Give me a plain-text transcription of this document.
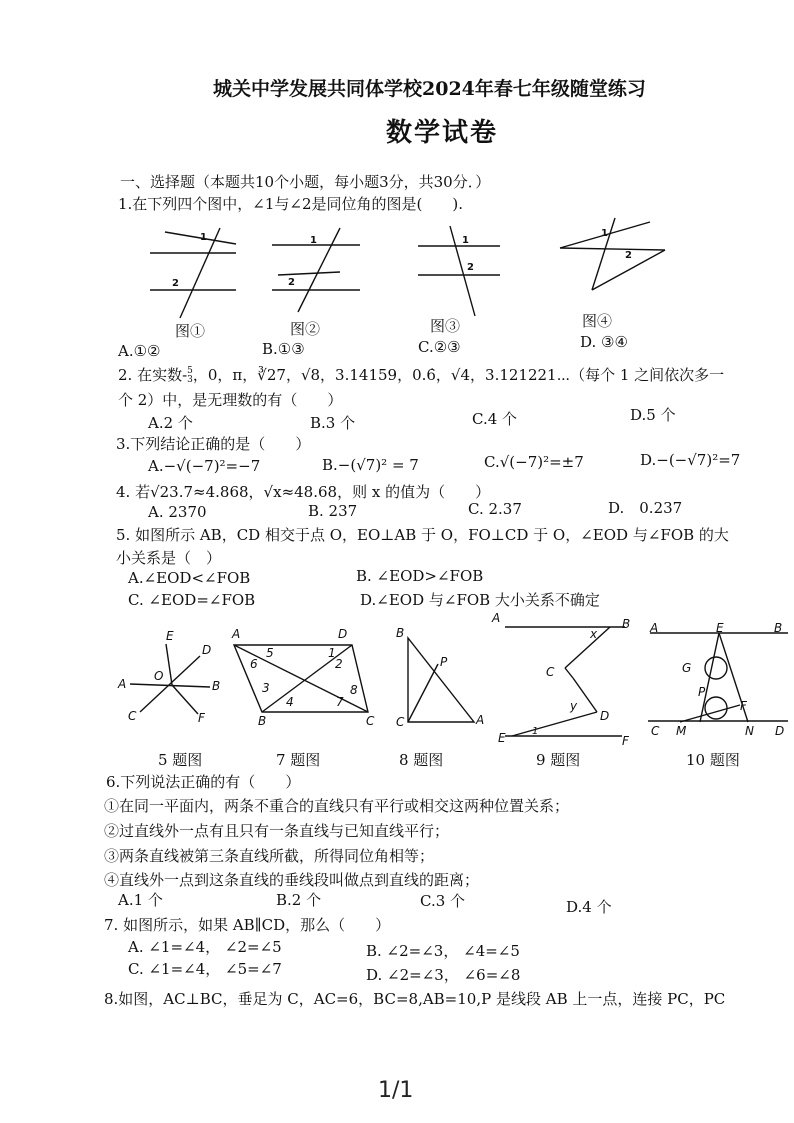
城关中学发展共同体学校2024年春七年级随堂练习
数学试卷
一、选择题（本题共10个小题，每小题3分，共30分．）
1.在下列四个图中，∠1与∠2是同位角的图是(　　).
1
2
1
2
1
2
1
2
图①	图②	图③	图④
A.①②	B.①③	C.②③	D. ③④
2. 在实数-5
3，0，π，∛27，√8，3.14159，0.6̇，√4，3.121221⋯（每个 1 之间依次多一
个 2）中，是无理数的有（　　）
A.2 个	B.3 个	C.4 个	D.5 个
3.下列结论正确的是（　　）
A.−√(−7)²=−7	B.−(√7)² = 7	C.√(−7)²=±7	D.−(−√7)²=7
4. 若√23.7≈4.868，√x≈48.68，则 x 的值为（　　）
A. 2370	B. 237	C. 2.37	D.　0.237
5. 如图所示 AB，CD 相交于点 O，EO⊥AB 于 O，FO⊥CD 于 O，∠EOD 与∠FOB 的大
小关系是（　）
A.∠EOD<∠FOB	B. ∠EOD>∠FOB
C. ∠EOD=∠FOB	D.∠EOD 与∠FOB 大小关系不确定
E
D
O
A	B
C	F
A	D
B	C
5	1
6	2
3
4	7
8
B
P
C	A
A	B
x
C
y
D
E	F
1
A	E	B
G
P
F
C M	N D
5 题图	7 题图	8 题图	9 题图	10 题图
6.下列说法正确的有（　　）
①在同一平面内，两条不重合的直线只有平行或相交这两种位置关系；
②过直线外一点有且只有一条直线与已知直线平行；
③两条直线被第三条直线所截，所得同位角相等；
④直线外一点到这条直线的垂线段叫做点到直线的距离；
A.1 个	B.2 个	C.3 个	D.4 个
7. 如图所示，如果 AB∥CD，那么（　　）
A. ∠1=∠4， ∠2=∠5	B. ∠2=∠3， ∠4=∠5
C. ∠1=∠4， ∠5=∠7	D. ∠2=∠3， ∠6=∠8
8.如图，AC⊥BC，垂足为 C，AC=6，BC=8,AB=10,P 是线段 AB 上一点，连接 PC，PC
1/1
